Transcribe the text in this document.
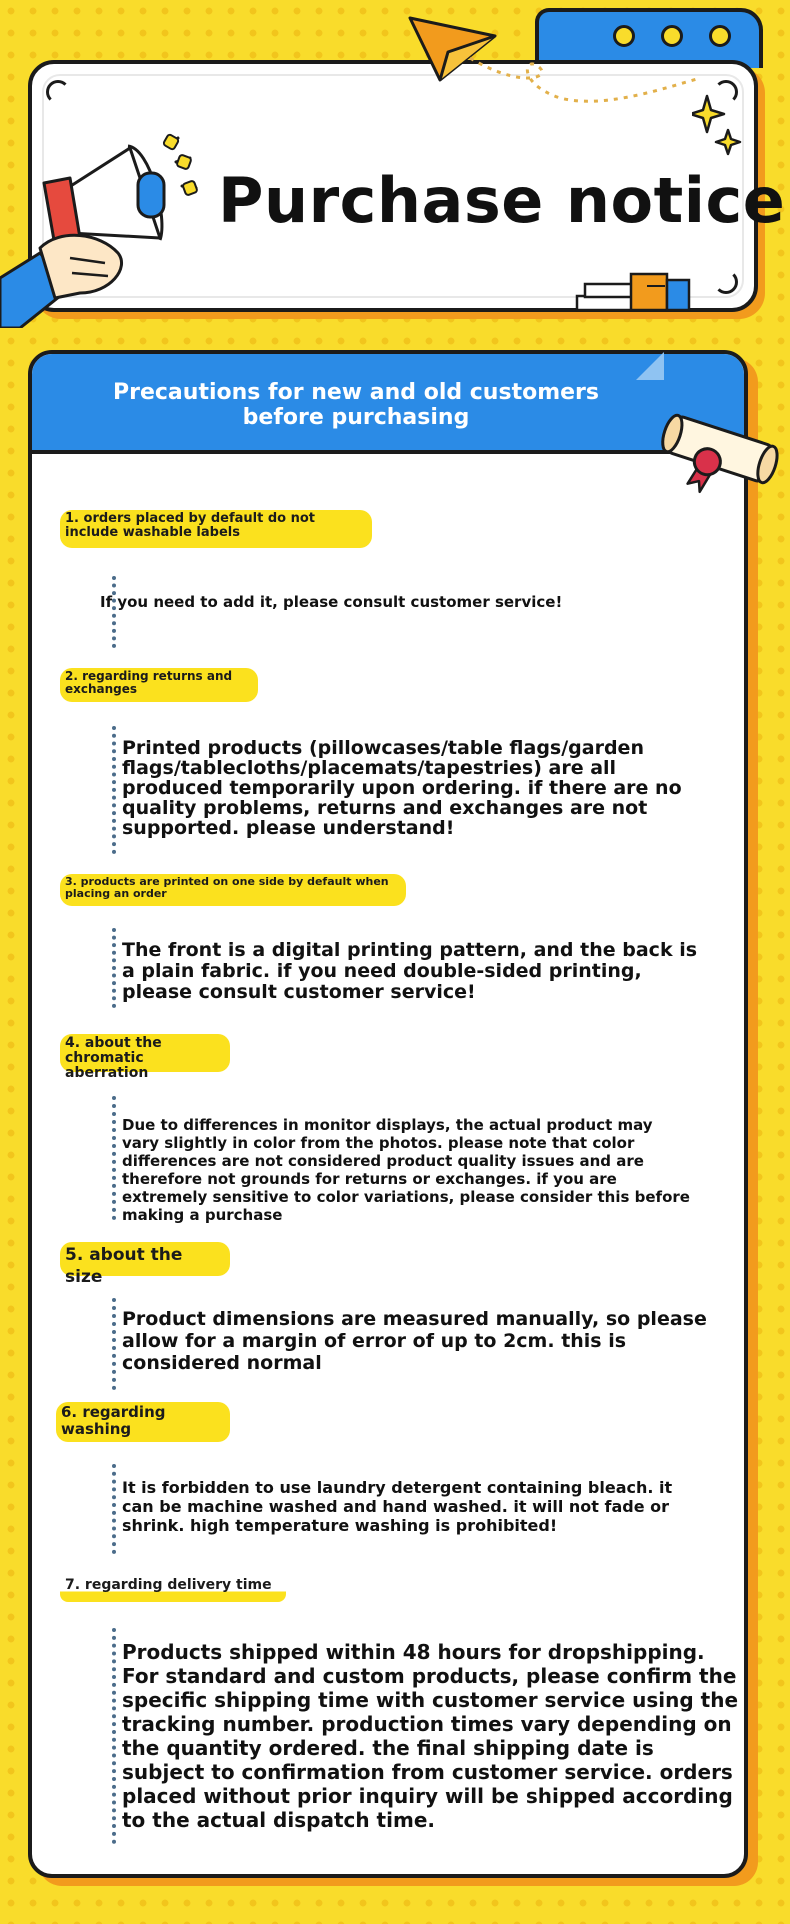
Purchase notice
Precautions for new and old customers before purchasing
1. orders placed by default do not include washable labels
If you need to add it, please consult customer service!
2. regarding returns and exchanges
Printed products (pillowcases/table flags/garden flags/tablecloths/placemats/tapestries) are all produced temporarily upon ordering. if there are no quality problems, returns and exchanges are not supported. please understand!
3. products are printed on one side by default when placing an order
The front is a digital printing pattern, and the back is a plain fabric. if you need double-sided printing, please consult customer service!
4. about the chromatic aberration
Due to differences in monitor displays, the actual product may vary slightly in color from the photos. please note that color differences are not considered product quality issues and are therefore not grounds for returns or exchanges. if you are extremely sensitive to color variations, please consider this before making a purchase
5. about the size
Product dimensions are measured manually, so please allow for a margin of error of up to 2cm. this is considered normal
6. regarding washing
It is forbidden to use laundry detergent containing bleach. it can be machine washed and hand washed. it will not fade or shrink. high temperature washing is prohibited!
7. regarding delivery time
Products shipped within 48 hours for dropshipping. For standard and custom products, please confirm the specific shipping time with customer service using the tracking number. production times vary depending on the quantity ordered. the final shipping date is subject to confirmation from customer service. orders placed without prior inquiry will be shipped according to the actual dispatch time.
